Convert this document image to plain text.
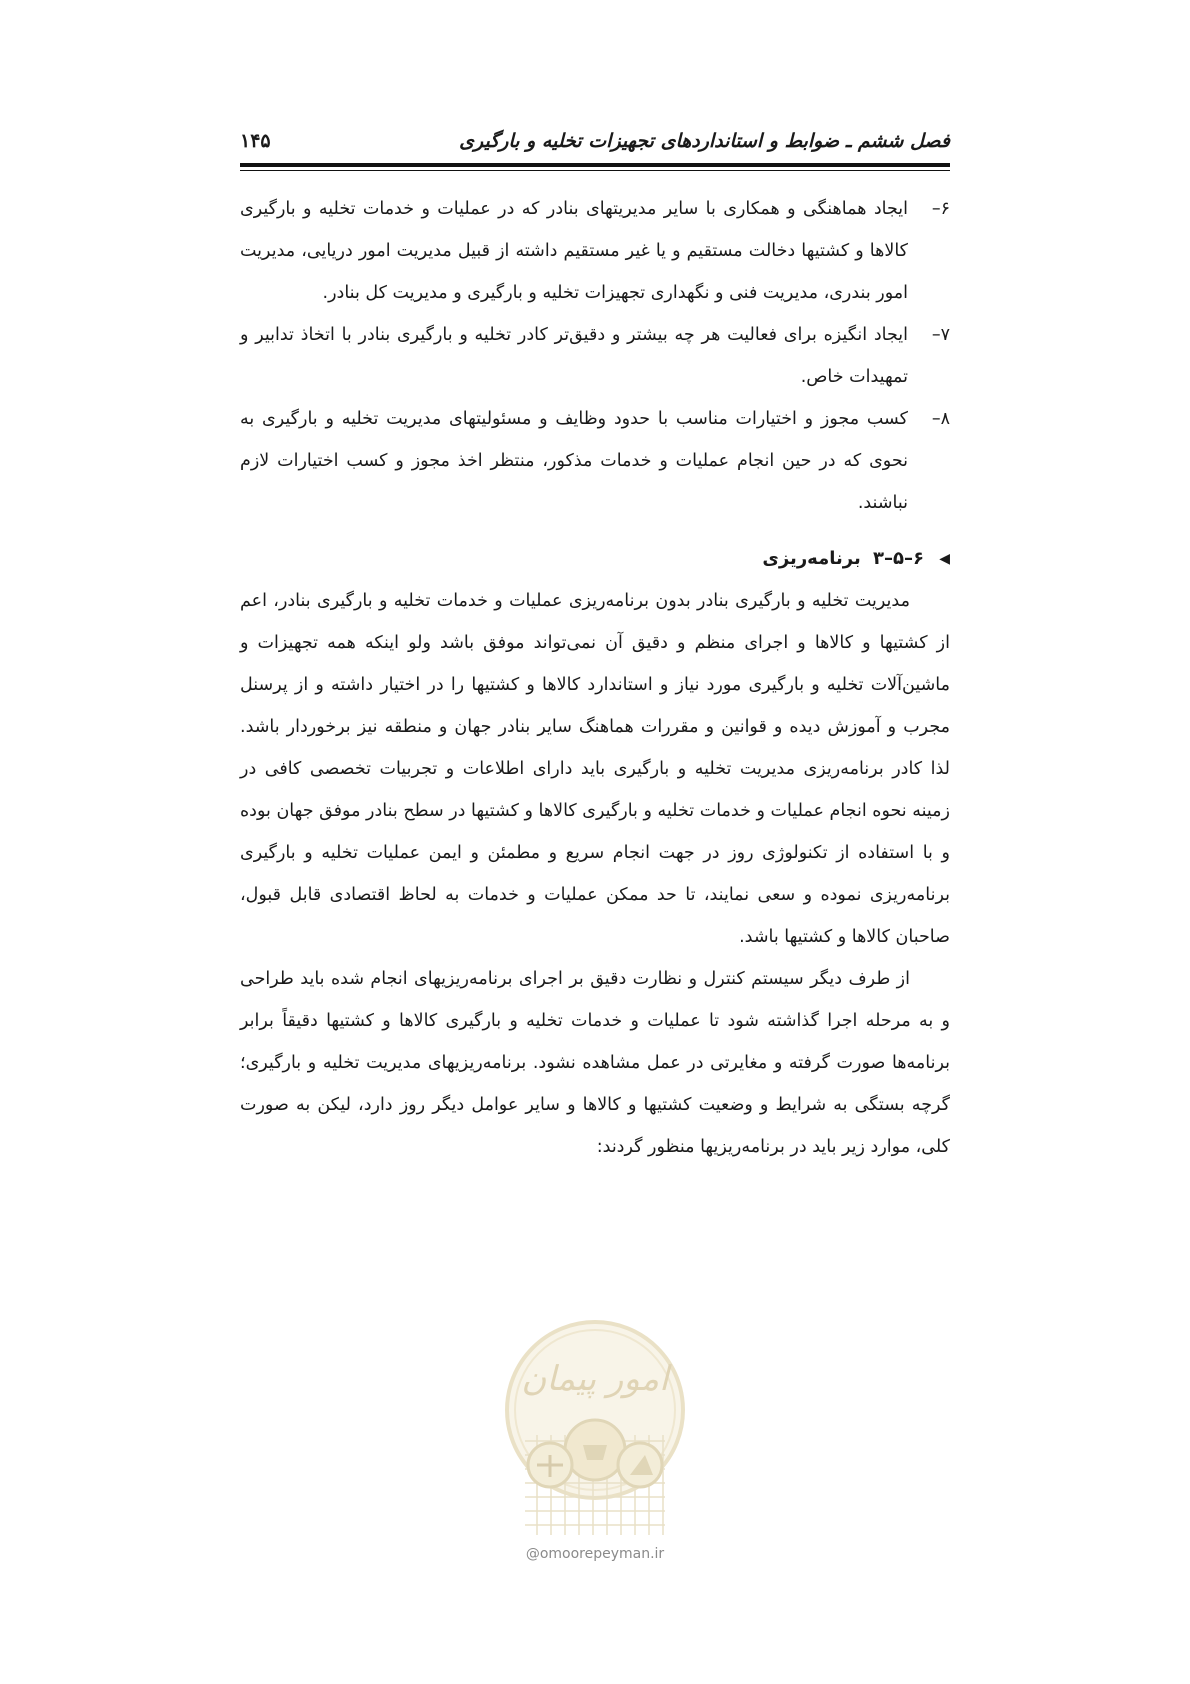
فصل ششم ـ ضوابط و استانداردهای تجهیزات تخلیه و بارگیری
۱۴۵
۶–
ایجاد هماهنگی و همکاری با سایر مدیریتهای بنادر که در عملیات و خدمات تخلیه و بارگیری کالاها و کشتیها دخالت مستقیم و یا غیر مستقیم داشته از قبیل مدیریت امور دریایی، مدیریت امور بندری، مدیریت فنی و نگهداری تجهیزات تخلیه و بارگیری و مدیریت کل بنادر.
۷–
ایجاد انگیزه برای فعالیت هر چه بیشتر و دقیق‌تر کادر تخلیه و بارگیری بنادر با اتخاذ تدابیر و تمهیدات خاص.
۸–
کسب مجوز و اختیارات مناسب با حدود وظایف و مسئولیتهای مدیریت تخلیه و بارگیری به نحوی که در حین انجام عملیات و خدمات مذکور، منتظر اخذ مجوز و کسب اختیارات لازم نباشند.
◀
۶–۵–۳ برنامه‌ریزی

مدیریت تخلیه و بارگیری بنادر بدون برنامه‌ریزی عملیات و خدمات تخلیه و بارگیری بنادر، اعم از کشتیها و کالاها و اجرای منظم و دقیق آن نمی‌تواند موفق باشد ولو اینکه همه تجهیزات و ماشین‌آلات تخلیه و بارگیری مورد نیاز و استاندارد کالاها و کشتیها را در اختیار داشته و از پرسنل مجرب و آموزش دیده و قوانین و مقررات هماهنگ سایر بنادر جهان و منطقه نیز برخوردار باشد. لذا کادر برنامه‌ریزی مدیریت تخلیه و بارگیری باید دارای اطلاعات و تجربیات تخصصی کافی در زمینه نحوه انجام عملیات و خدمات تخلیه و بارگیری کالاها و کشتیها در سطح بنادر موفق جهان بوده و با استفاده از تکنولوژی روز در جهت انجام سریع و مطمئن و ایمن عملیات تخلیه و بارگیری برنامه‌ریزی نموده و سعی نمایند، تا حد ممکن عملیات و خدمات به لحاظ اقتصادی قابل قبول، صاحبان کالاها و کشتیها باشد.

از طرف دیگر سیستم کنترل و نظارت دقیق بر اجرای برنامه‌ریزیهای انجام شده باید طراحی و به مرحله اجرا گذاشته شود تا عملیات و خدمات تخلیه و بارگیری کالاها و کشتیها دقیقاً برابر برنامه‌ها صورت گرفته و مغایرتی در عمل مشاهده نشود. برنامه‌ریزیهای مدیریت تخلیه و بارگیری؛ گرچه بستگی به شرایط و وضعیت کشتیها و کالاها و سایر عوامل دیگر روز دارد، لیکن به صورت کلی، موارد زیر باید در برنامه‌ریزیها منظور گردند:

امور پیمان
@omoorepeyman.ir
